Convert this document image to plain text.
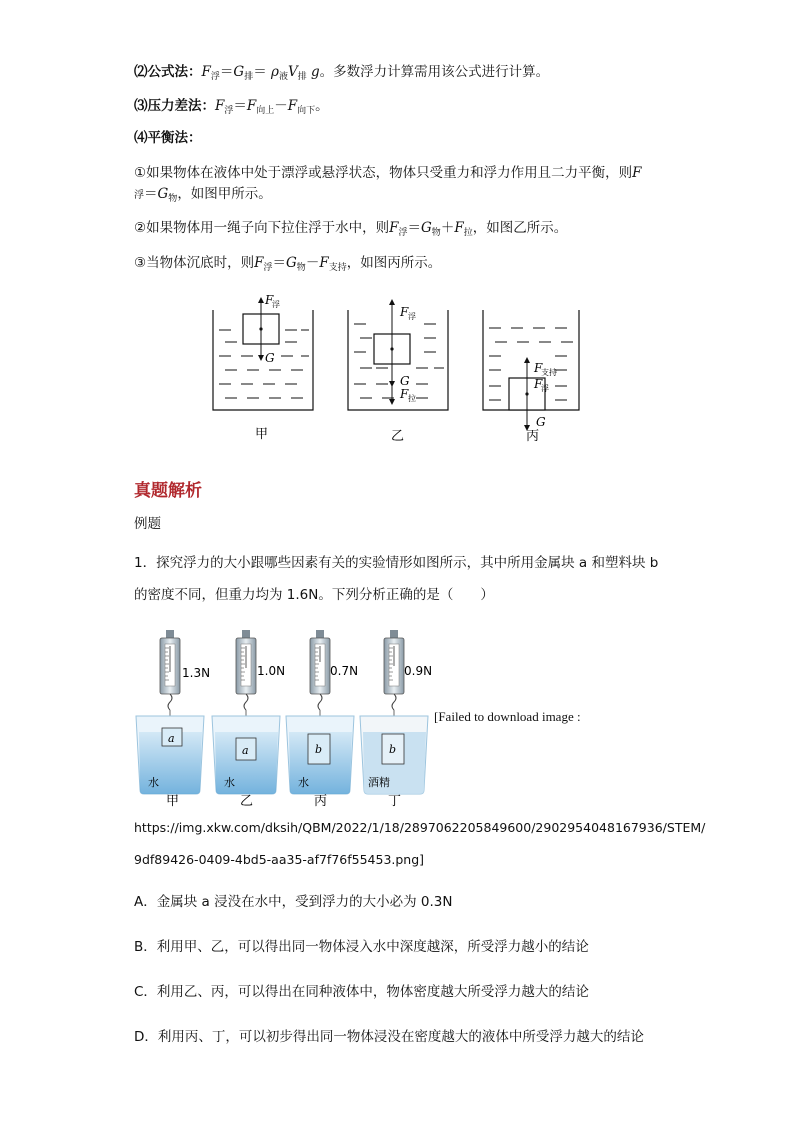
⑵公式法：$F_浮=G_排= \rho_液V_排$ g。多数浮力计算需用该公式进行计算。
⑶压力差法：$F_浮=F_{向上}-F_{向下}$。
⑷平衡法：
①如果物体在液体中处于漂浮或悬浮状态，物体只受重力和浮力作用且二力平衡，则F
浮$=G_物$，如图甲所示。
②如果物体用一绳子向下拉住浮于水中，则$F_浮=G_物+F_拉$，如图乙所示。
③当物体沉底时，则$F_浮=G_物-F_{支持}$，如图丙所示。
F
浮
G
F 浮
G
F 拉
F
支持
F
浮
G
甲	乙	丙
真题解析
例题
1．探究浮力的大小跟哪些因素有关的实验情形如图所示，其中所用金属块 a 和塑料块 b
的密度不同，但重力均为 1.6N。下列分析正确的是（　　）
1.3N	1.0N	0.7N	0.9N
a
a	b	b
水	水	水	酒精
甲	乙	丙	丁
[Failed to download image :
https://img.xkw.com/dksih/QBM/2022/1/18/2897062205849600/2902954048167936/STEM/
9df89426-0409-4bd5-aa35-af7f76f55453.png]
A．金属块 a 浸没在水中，受到浮力的大小必为 0.3N
B．利用甲、乙，可以得出同一物体浸入水中深度越深，所受浮力越小的结论
C．利用乙、丙，可以得出在同种液体中，物体密度越大所受浮力越大的结论
D．利用丙、丁，可以初步得出同一物体浸没在密度越大的液体中所受浮力越大的结论
